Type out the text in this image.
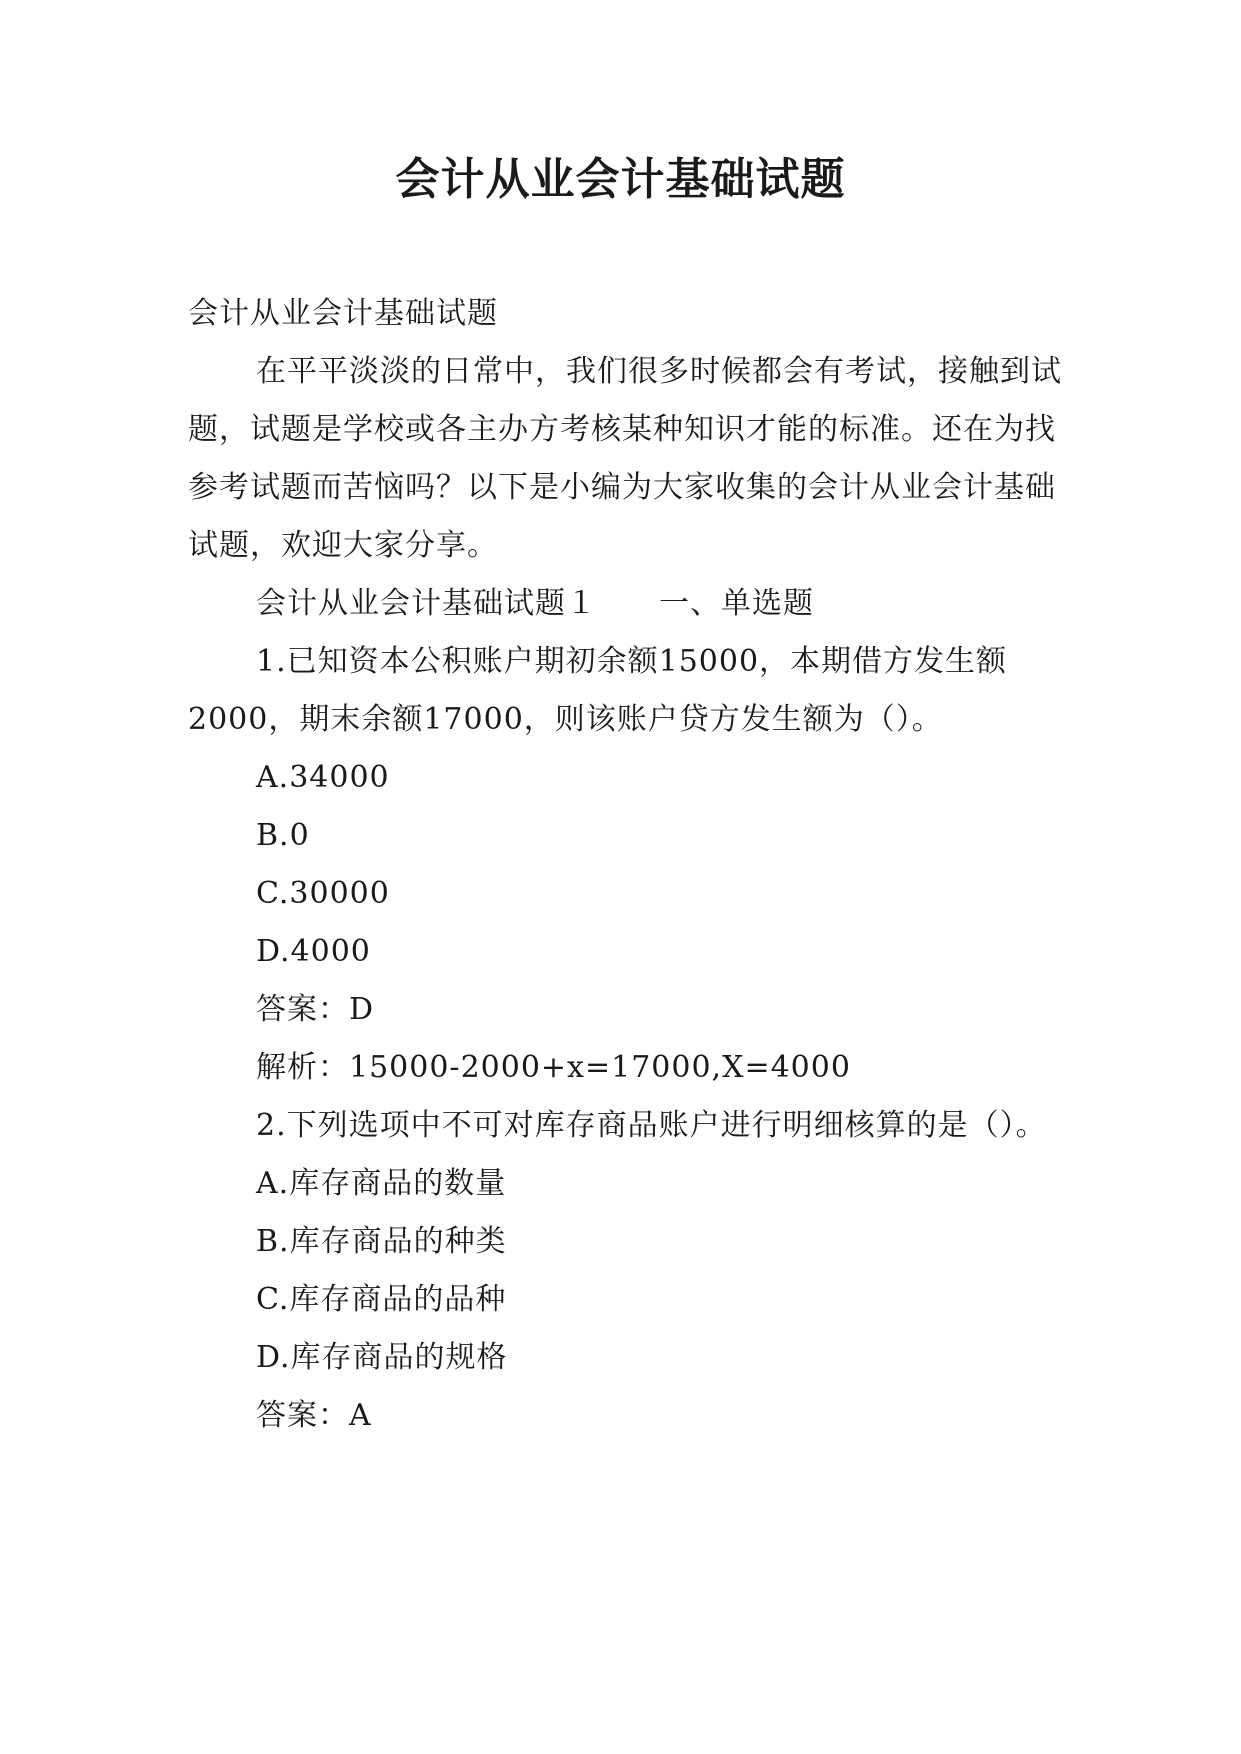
会计从业会计基础试题

会计从业会计基础试题

在平平淡淡的日常中，我们很多时候都会有考试，接触到试题，试题是学校或各主办方考核某种知识才能的标准。还在为找参考试题而苦恼吗？以下是小编为大家收集的会计从业会计基础试题，欢迎大家分享。

会计从业会计基础试题１　　一、单选题

1.已知资本公积账户期初余额15000，本期借方发生额2000，期末余额17000，则该账户贷方发生额为（）。

A.34000

B.0

C.30000

D.4000

答案：D

解析：15000-2000+x=17000,X=4000

2.下列选项中不可对库存商品账户进行明细核算的是（）。

A.库存商品的数量

B.库存商品的种类

C.库存商品的品种

D.库存商品的规格

答案：A
